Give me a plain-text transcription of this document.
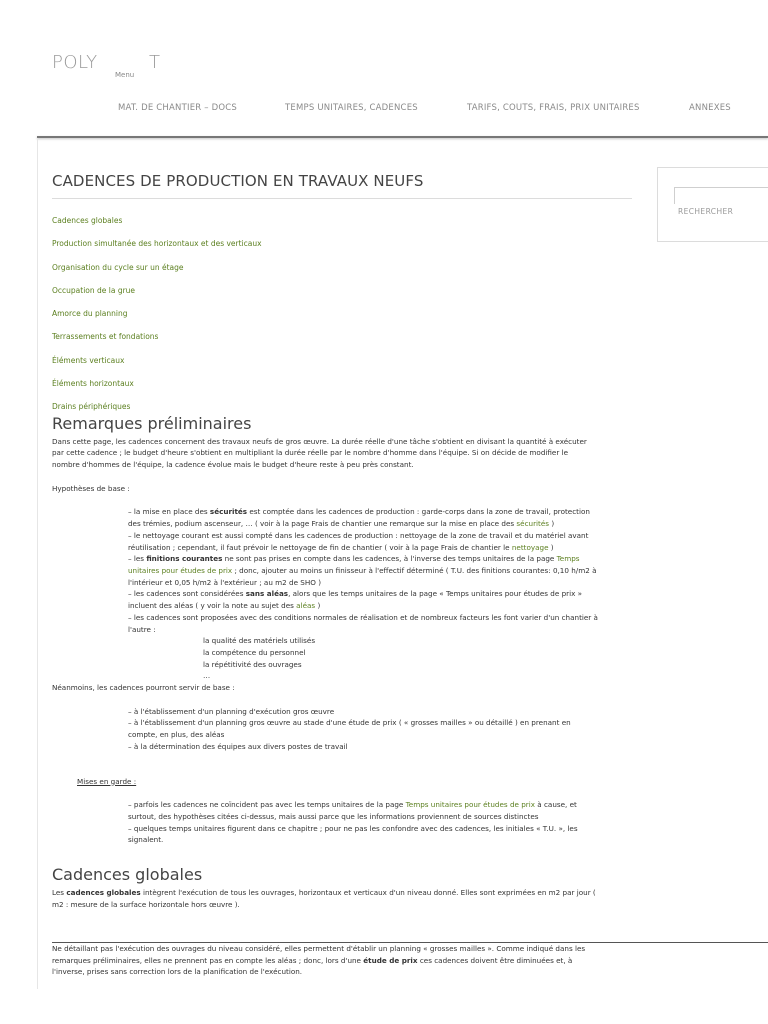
POLY	T
Menu
MAT. DE CHANTIER – DOCS	TEMPS UNITAIRES, CADENCES	TARIFS, COÛTS, FRAIS, PRIX UNITAIRES	ANNEXES
RECHERCHER
CADENCES DE PRODUCTION EN TRAVAUX NEUFS
Cadences globales
Production simultanée des horizontaux et des verticaux
Organisation du cycle sur un étage
Occupation de la grue
Amorce du planning
Terrassements et fondations
Éléments verticaux
Éléments horizontaux
Drains périphériques
Remarques préliminaires
Dans cette page, les cadences concernent des travaux neufs de gros œuvre. La durée réelle d'une tâche s'obtient en divisant la quantité à exécuter
par cette cadence ; le budget d'heure s'obtient en multipliant la durée réelle par le nombre d'homme dans l'équipe. Si on décide de modifier le
nombre d'hommes de l'équipe, la cadence évolue mais le budget d'heure reste à peu près constant.
Hypothèses de base :
– la mise en place des sécurités est comptée dans les cadences de production : garde-corps dans la zone de travail, protection
des trémies, podium ascenseur, … ( voir à la page Frais de chantier une remarque sur la mise en place des sécurités )
– le nettoyage courant est aussi compté dans les cadences de production : nettoyage de la zone de travail et du matériel avant
réutilisation ; cependant, il faut prévoir le nettoyage de fin de chantier ( voir à la page Frais de chantier le nettoyage )
– les finitions courantes ne sont pas prises en compte dans les cadences, à l'inverse des temps unitaires de la page Temps
unitaires pour études de prix ; donc, ajouter au moins un finisseur à l'effectif déterminé ( T.U. des finitions courantes: 0,10 h/m2 à
l'intérieur et 0,05 h/m2 à l'extérieur ; au m2 de SHO )
– les cadences sont considérées sans aléas, alors que les temps unitaires de la page « Temps unitaires pour études de prix »
incluent des aléas ( y voir la note au sujet des aléas )
– les cadences sont proposées avec des conditions normales de réalisation et de nombreux facteurs les font varier d'un chantier à
l'autre :
la qualité des matériels utilisés
la compétence du personnel
la répétitivité des ouvrages
…
Néanmoins, les cadences pourront servir de base :
– à l'établissement d'un planning d'exécution gros œuvre
– à l'établissement d'un planning gros œuvre au stade d'une étude de prix ( « grosses mailles » ou détaillé ) en prenant en
compte, en plus, des aléas
– à la détermination des équipes aux divers postes de travail
Mises en garde :
– parfois les cadences ne coïncident pas avec les temps unitaires de la page Temps unitaires pour études de prix à cause, et
surtout, des hypothèses citées ci-dessus, mais aussi parce que les informations proviennent de sources distinctes
– quelques temps unitaires figurent dans ce chapitre ; pour ne pas les confondre avec des cadences, les initiales « T.U. », les
signalent.
Cadences globales
Les cadences globales intègrent l'exécution de tous les ouvrages, horizontaux et verticaux d'un niveau donné. Elles sont exprimées en m2 par jour (
m2 : mesure de la surface horizontale hors œuvre ).
Ne détaillant pas l'exécution des ouvrages du niveau considéré, elles permettent d'établir un planning « grosses mailles ». Comme indiqué dans les
remarques préliminaires, elles ne prennent pas en compte les aléas ; donc, lors d'une étude de prix ces cadences doivent être diminuées et, à
l'inverse, prises sans correction lors de la planification de l'exécution.
